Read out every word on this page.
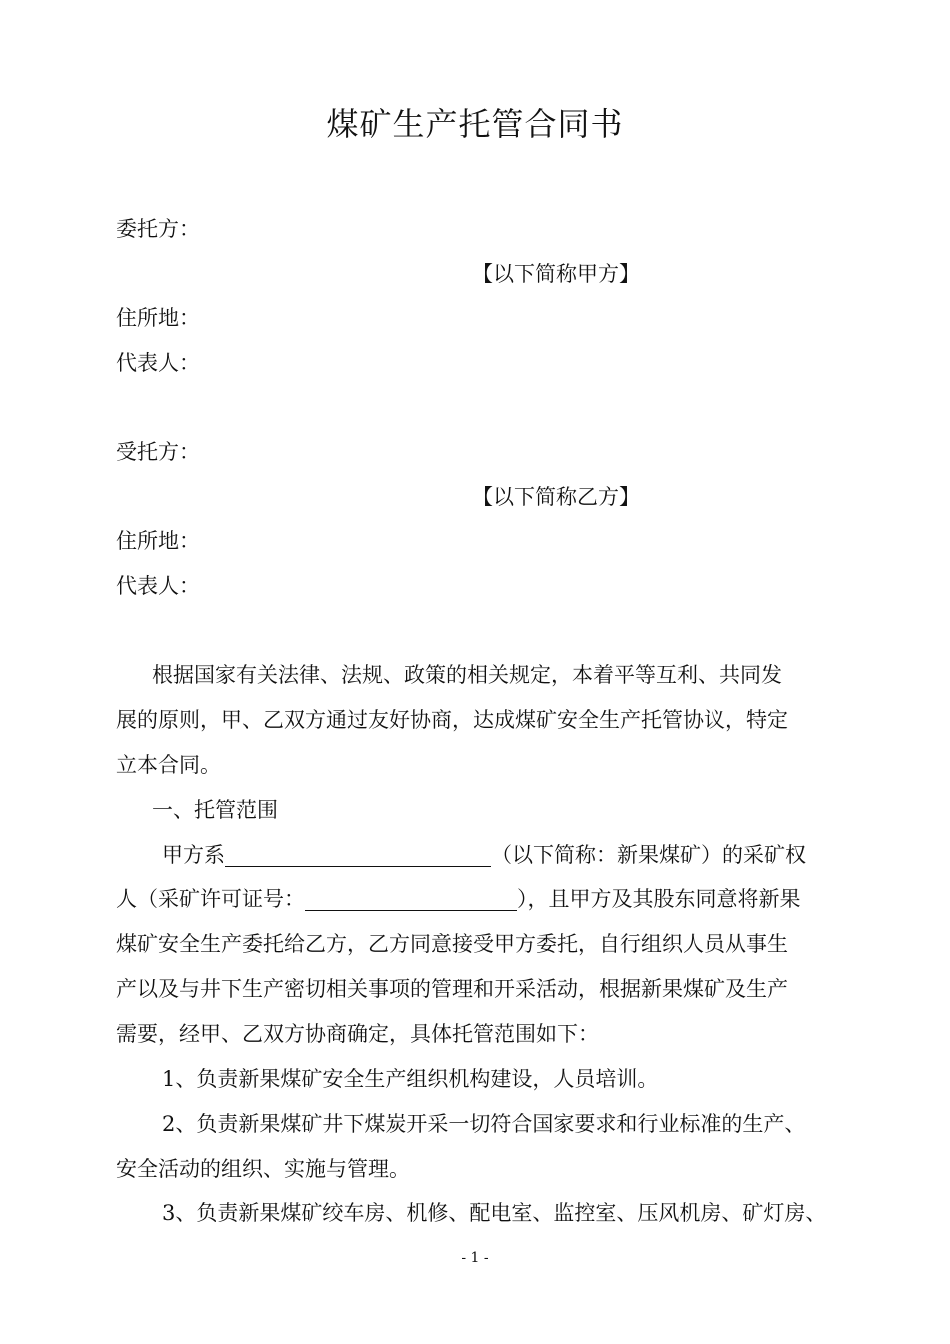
煤矿生产托管合同书
委托方：
【以下简称甲方】
住所地：
代表人：
受托方：
【以下简称乙方】
住所地：
代表人：
根据国家有关法律、法规、政策的相关规定，本着平等互利、共同发
展的原则，甲、乙双方通过友好协商，达成煤矿安全生产托管协议，特定
立本合同。
一、托管范围
甲方系	（以下简称：新果煤矿）的采矿权
人（采矿许可证号：	），且甲方及其股东同意将新果
煤矿安全生产委托给乙方，乙方同意接受甲方委托，自行组织人员从事生
产以及与井下生产密切相关事项的管理和开采活动，根据新果煤矿及生产
需要，经甲、乙双方协商确定，具体托管范围如下：
1、负责新果煤矿安全生产组织机构建设，人员培训。
2、负责新果煤矿井下煤炭开采一切符合国家要求和行业标准的生产、
安全活动的组织、实施与管理。
3、负责新果煤矿绞车房、机修、配电室、监控室、压风机房、矿灯房、
- 1 -
